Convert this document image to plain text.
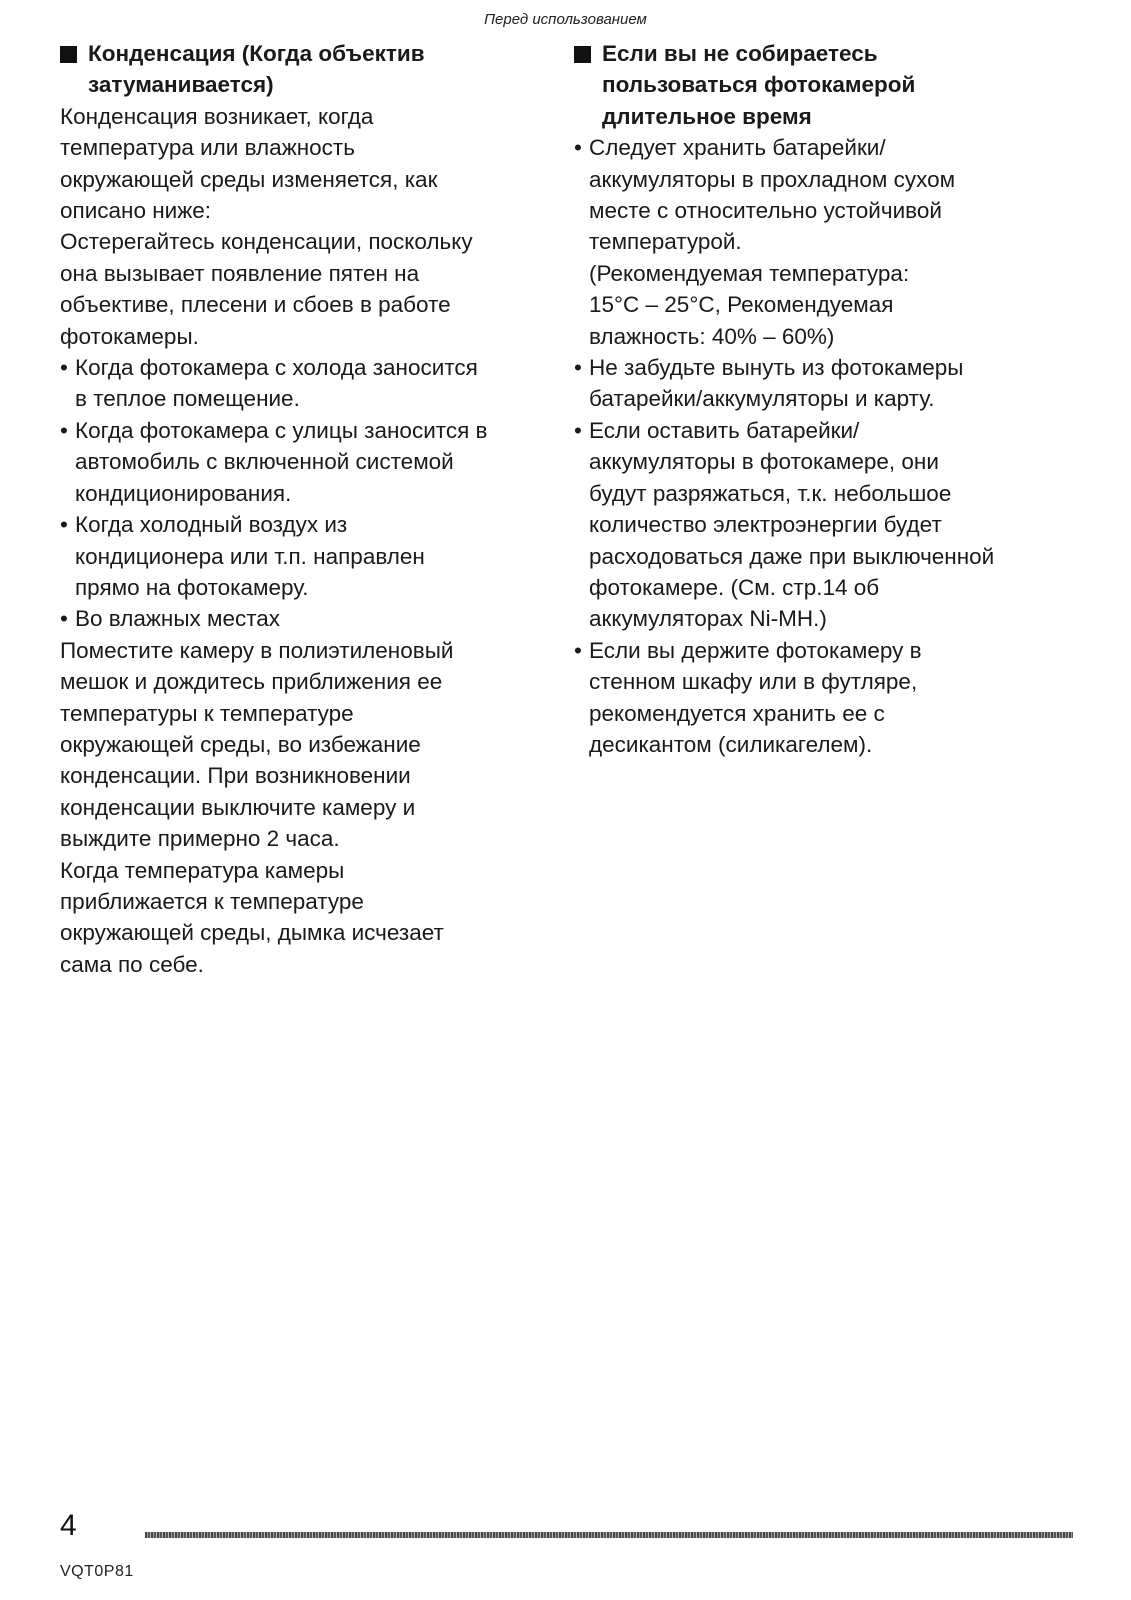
Перед использованием
Конденсация (Когда объектив
затуманивается)

Конденсация возникает, когда
температура или влажность
окружающей среды изменяется, как
описано ниже:

Остерегайтесь конденсации, поскольку
она вызывает появление пятен на
объективе, плесени и сбоев в работе
фотокамеры.

• Когда фотокамера с холода заносится
в теплое помещение.
• Когда фотокамера с улицы заносится в
автомобиль с включенной системой
кондиционирования.
• Когда холодный воздух из
кондиционера или т.п. направлен
прямо на фотокамеру.
• Во влажных местах

Поместите камеру в полиэтиленовый
мешок и дождитесь приближения ее
температуры к температуре
окружающей среды, во избежание
конденсации. При возникновении
конденсации выключите камеру и
выждите примерно 2 часа.

Когда температура камеры
приближается к температуре
окружающей среды, дымка исчезает
сама по себе.

Если вы не собираетесь
пользоваться фотокамерой
длительное время
• Следует хранить батарейки/
аккумуляторы в прохладном сухом
месте с относительно устойчивой
температурой.
(Рекомендуемая температура:
15°C – 25°C, Рекомендуемая
влажность: 40% – 60%)
• Не забудьте вынуть из фотокамеры
батарейки/аккумуляторы и карту.
• Если оставить батарейки/
аккумуляторы в фотокамере, они
будут разряжаться, т.к. небольшое
количество электроэнергии будет
расходоваться даже при выключенной
фотокамере. (См. стр.14 об
аккумуляторах Ni-MH.)
• Если вы держите фотокамеру в
стенном шкафу или в футляре,
рекомендуется хранить ее с
десикантом (силикагелем).
4
VQT0P81
